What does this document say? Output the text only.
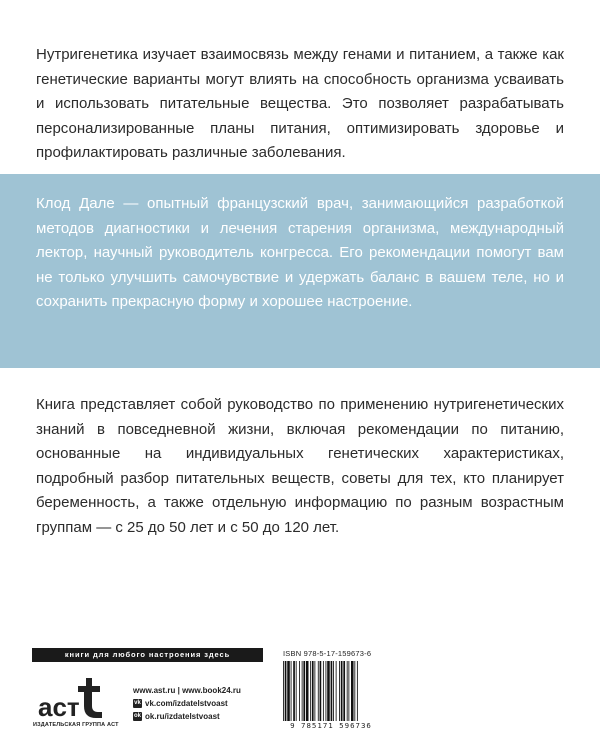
Нутригенетика изучает взаимосвязь между генами и питанием, а также как генетические варианты могут влиять на способность организма усваивать и использовать питательные вещества. Это позволяет разрабатывать персонализированные планы питания, оптимизировать здоровье и профилактировать различные заболевания.

Клод Дале — опытный французский врач, занимающийся разработкой методов диагностики и лечения старения организма, международный лектор, научный руководитель конгресса. Его рекомендации помогут вам не только улучшить самочувствие и удержать баланс в вашем теле, но и сохранить прекрасную форму и хорошее настроение.

Книга представляет собой руководство по применению нутригенетических знаний в повседневной жизни, включая рекомендации по питанию, основанные на индивидуальных генетических характеристиках, подробный разбор питательных веществ, советы для тех, кто планирует беременность, а также отдельную информацию по разным возрастным группам — с 25 до 50 лет и с 50 до 120 лет.

книги для любого настроения здесь
аст
ИЗДАТЕЛЬСКАЯ ГРУППА АСТ
www.ast.ru | www.book24.ru
vk vk.com/izdatelstvoast
ok ok.ru/izdatelstvoast
ISBN 978-5-17-159673-6
9 785171 596736
